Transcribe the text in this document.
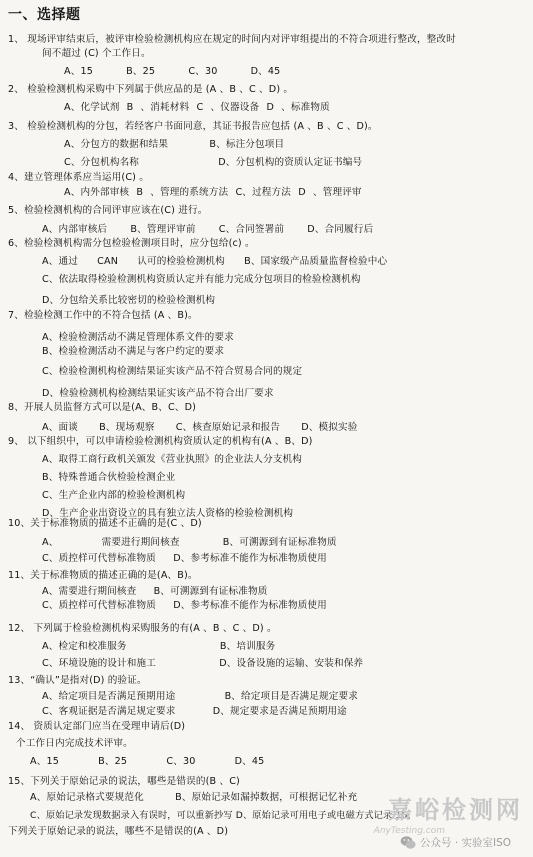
一、选择题
1、 现场评审结束后，被评审检验检测机构应在规定的时间内对评审组提出的不符合项进行整改，整改时
间不超过 (C) 个工作日。
A、15 B、25 C、30 D、45
2、 检验检测机构采购中下列属于供应品的是 (A 、B 、C 、D) 。
A、化学试剂 B 、消耗材料 C 、仪器设备 D 、标准物质
3、 检验检测机构的分包，若经客户书面同意，其证书报告应包括 (A 、B 、C 、D)。
A、分包方的数据和结果 B、标注分包项目
C、分包机构名称 D、分包机构的资质认定证书编号
4、建立管理体系应当运用(C) 。
A、内外部审核 B 、管理的系统方法 C、过程方法 D 、管理评审
5、检验检测机构的合同评审应该在(C) 进行。
A、内部审核后 B、管理评审前 C、合同签署前 D、合同履行后
6、检验检测机构需分包检验检测项目时，应分包给(c) 。
A、通过 CAN 认可的检验检测机构 B、国家级产品质量监督检验中心
C、依法取得检验检测机构资质认定并有能力完成分包项目的检验检测机构
D、分包给关系比较密切的检验检测机构
7、检验检测工作中的不符合包括 (A 、B)。
A、检验检测活动不满足管理体系文件的要求
B、检验检测活动不满足与客户约定的要求
C、检验检测机构检测结果证实该产品不符合贸易合同的规定
D、检验检测机构检测结果证实该产品不符合出厂要求
8、开展人员监督方式可以是(A、B、C、D)
A、面谈 B、现场观察 C、核查原始记录和报告 D、模拟实验
9、 以下组织中，可以申请检验检测机构资质认定的机构有(A 、B、D)
A、取得工商行政机关颁发《营业执照》的企业法人分支机构
B、特殊普通合伙检验检测企业
C、生产企业内部的检验检测机构
D、生产企业出资设立的具有独立法人资格的检验检测机构
10、关于标准物质的描述不正确的是(C 、D)
A、 需要进行期间核查 B、可溯源到有证标准物质
C、质控样可代替标准物质 D、参考标准不能作为标准物质使用
11、关于标准物质的描述正确的是(A、B)。
A、需要进行期间核查 B、可溯源到有证标准物质
C、质控样可代替标准物质 D、参考标准不能作为标准物质使用
12、 下列属于检验检测机构采购服务的有(A 、B 、C 、D) 。
A、检定和校准服务 B、培训服务
C、环境设施的设计和施工 D、设备设施的运输、安装和保养
13、“确认”是指对(D) 的验证。
A、给定项目是否满足预期用途 B、给定项目是否满足规定要求
C、客观证据是否满足规定要求 D、规定要求是否满足预期用途
14、 资质认定部门应当在受理申请后(D)
个工作日内完成技术评审。
A、15 B、25 C、30 D、45
15、下列关于原始记录的说法，哪些是错误的(B 、C)
A、原始记录格式要规范化 B、原始记录如漏掉数据，可根据记忆补充
C、原始记录发现数据录入有误时，可以重新抄写 D、原始记录可用电子或电磁方式记录 16、
下列关于原始记录的说法，哪些不是错误的(A 、D)
嘉峪检测网
AnyTesting.com
公众号 · 实验室ISO
